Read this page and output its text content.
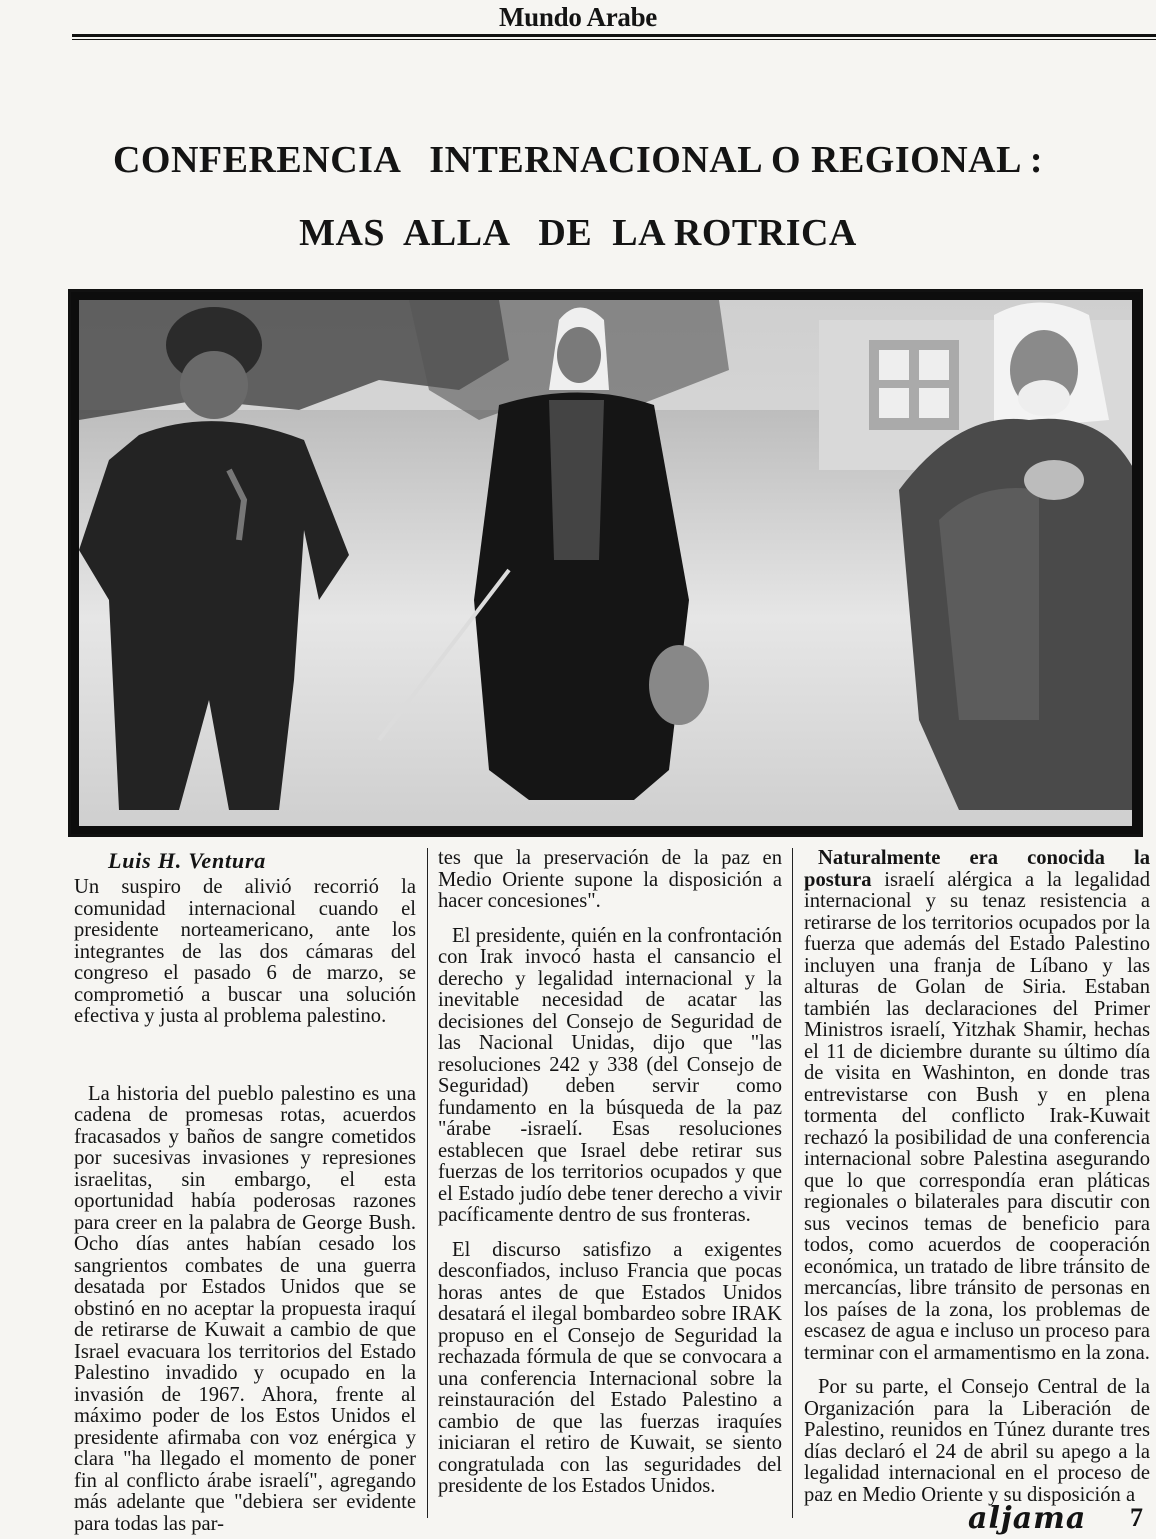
Mundo Arabe
CONFERENCIA   INTERNACIONAL O REGIONAL :
MAS  ALLA   DE  LA ROTRICA
Luis H. Ventura

Un suspiro de alivió recorrió la comunidad internacional cuando el presidente norteamericano, ante los integrantes de las dos cámaras del congreso el pasado 6 de marzo, se comprometió a buscar una solución efectiva y justa al problema palestino.

La historia del pueblo palestino es una cadena de promesas rotas, acuerdos fracasados y baños de sangre cometidos por sucesivas invasiones y represiones israelitas, sin embargo, el esta oportunidad había poderosas razones para creer en la palabra de George Bush. Ocho días antes habían cesado los sangrientos combates de una guerra desatada por Estados Unidos que se obstinó en no aceptar la propuesta iraquí de retirarse de Kuwait a cambio de que Israel evacuara los territorios del Estado Palestino invadido y ocupado en la invasión de 1967. Ahora, frente al máximo poder de los Estos Unidos el presidente afirmaba con voz enérgica y clara "ha llegado el momento de poner fin al conflicto árabe israelí", agregando más adelante que "debiera ser evidente para todas las par-

tes que la preservación de la paz en Medio Oriente supone la disposición a hacer concesiones".

El presidente, quién en la confrontación con Irak invocó hasta el cansancio el derecho y legalidad internacional y la inevitable necesidad de acatar las decisiones del Consejo de Seguridad de las Nacional Unidas, dijo que "las resoluciones 242 y 338 (del Consejo de Seguridad) deben servir como fundamento en la búsqueda de la paz "árabe -israelí. Esas resoluciones establecen que Israel debe retirar sus fuerzas de los territorios ocupados y que el Estado judío debe tener derecho a vivir pacíficamente dentro de sus fronteras.

El discurso satisfizo a exigentes desconfiados, incluso Francia que pocas horas antes de que Estados Unidos desatará el ilegal bombardeo sobre IRAK propuso en el Consejo de Seguridad la rechazada fórmula de que se convocara a una conferencia Internacional sobre la reinstauración del Estado Palestino a cambio de que las fuerzas iraquíes iniciaran el retiro de Kuwait, se siento congratulada con las seguridades del presidente de los Estados Unidos.

Naturalmente era conocida la postura israelí alérgica a la legalidad internacional y su tenaz resistencia a retirarse de los territorios ocupados por la fuerza que además del Estado Palestino incluyen una franja de Líbano y las alturas de Golan de Siria. Estaban también las declaraciones del Primer Ministros israelí, Yitzhak Shamir, hechas el 11 de diciembre durante su último día de visita en Washinton, en donde tras entrevistarse con Bush y en plena tormenta del conflicto Irak-Kuwait rechazó la posibilidad de una conferencia internacional sobre Palestina asegurando que lo que correspondía eran pláticas regionales o bilaterales para discutir con sus vecinos temas de beneficio para todos, como acuerdos de cooperación económica, un tratado de libre tránsito de mercancías, libre tránsito de personas en los países de la zona, los problemas de escasez de agua e incluso un proceso para terminar con el armamentismo en la zona.

Por su parte, el Consejo Central de la Organización para la Liberación de Palestino, reunidos en Túnez durante tres días declaró el 24 de abril su apego a la legalidad internacional en el proceso de paz en Medio Oriente y su disposición a

aljama 7
